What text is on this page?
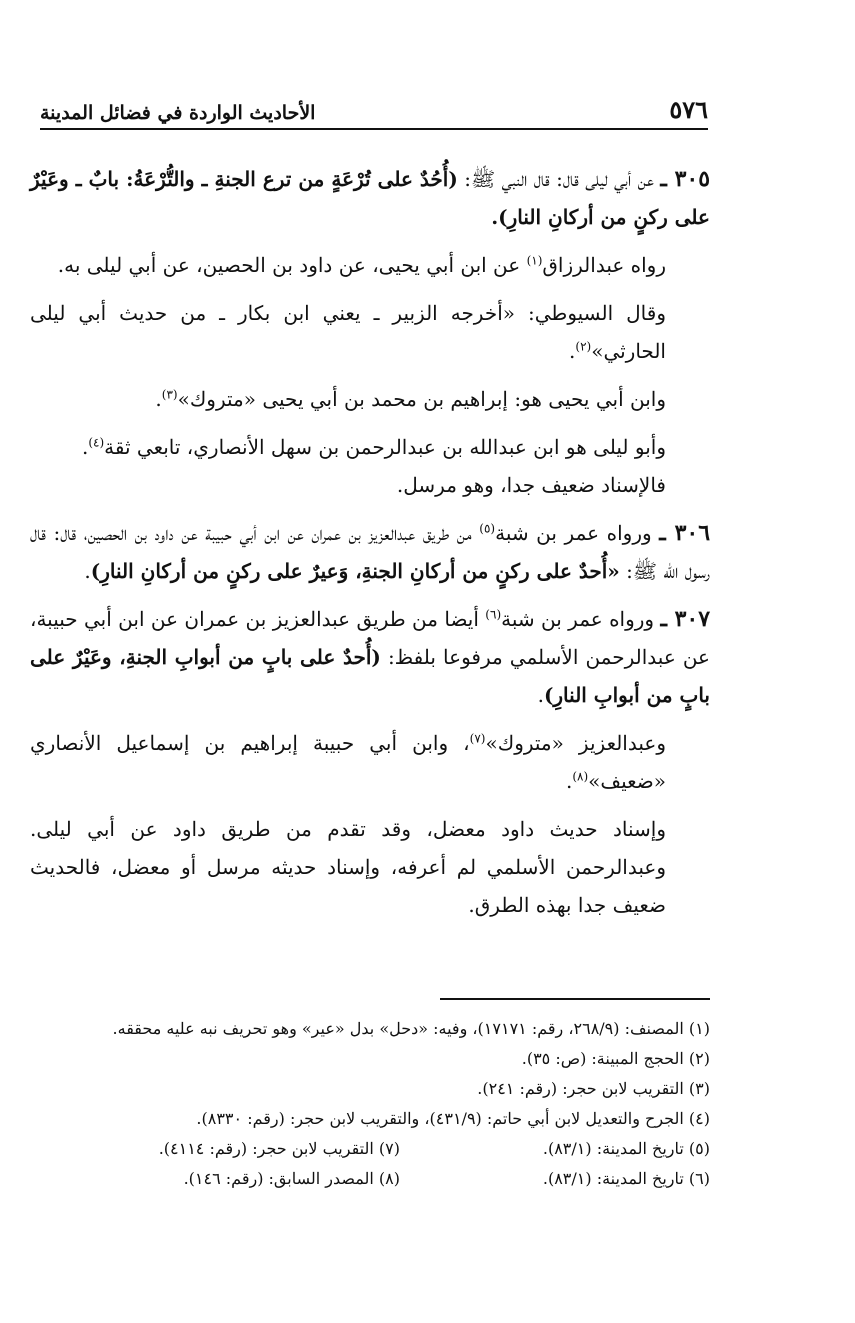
٥٧٦
الأحاديث الواردة في فضائل المدينة

٣٠٥ ـ عن أبي ليلى قال: قال النبي ﷺ: (أُحُدٌ على تُرْعَةٍ من ترع الجنةِ ـ والتُّرْعَةُ: بابٌ ـ وعَيْرٌ على ركنٍ من أركانِ النارِ).

رواه عبدالرزاق$^{(١)}$ عن ابن أبي يحيى، عن داود بن الحصين، عن أبي ليلى به.

وقال السيوطي: «أخرجه الزبير ـ يعني ابن بكار ـ من حديث أبي ليلى الحارثي»$^{(٢)}$.

وابن أبي يحيى هو: إبراهيم بن محمد بن أبي يحيى «متروك»$^{(٣)}$.

وأبو ليلى هو ابن عبدالله بن عبدالرحمن بن سهل الأنصاري، تابعي ثقة$^{(٤)}$.

فالإسناد ضعيف جدا، وهو مرسل.

٣٠٦ ـ ورواه عمر بن شبة$^{(٥)}$ من طريق عبدالعزيز بن عمران عن ابن أبي حبيبة عن داود بن الحصين، قال: قال رسول الله ﷺ: «أُحدٌ على ركنٍ من أركانِ الجنةِ، وَعيرٌ على ركنٍ من أركانِ النارِ).

٣٠٧ ـ ورواه عمر بن شبة$^{(٦)}$ أيضا من طريق عبدالعزيز بن عمران عن ابن أبي حبيبة، عن عبدالرحمن الأسلمي مرفوعا بلفظ: (أُحدٌ على بابٍ من أبوابِ الجنةِ، وعَيْرٌ على بابٍ من أبوابِ النارِ).

وعبدالعزيز «متروك»$^{(٧)}$، وابن أبي حبيبة إبراهيم بن إسماعيل الأنصاري «ضعيف»$^{(٨)}$.

وإسناد حديث داود معضل، وقد تقدم من طريق داود عن أبي ليلى. وعبدالرحمن الأسلمي لم أعرفه، وإسناد حديثه مرسل أو معضل، فالحديث ضعيف جدا بهذه الطرق.

(١) المصنف: (٢٦٨/٩، رقم: ١٧١٧١)، وفيه: «دحل» بدل «عير» وهو تحريف نبه عليه محققه.

(٢) الحجج المبينة: (ص: ٣٥).

(٣) التقريب لابن حجر: (رقم: ٢٤١).

(٤) الجرح والتعديل لابن أبي حاتم: (٤٣١/٩)، والتقريب لابن حجر: (رقم: ٨٣٣٠).

(٥) تاريخ المدينة: (٨٣/١).

(٧) التقريب لابن حجر: (رقم: ٤١١٤).

(٦) تاريخ المدينة: (٨٣/١).

(٨) المصدر السابق: (رقم: ١٤٦).
